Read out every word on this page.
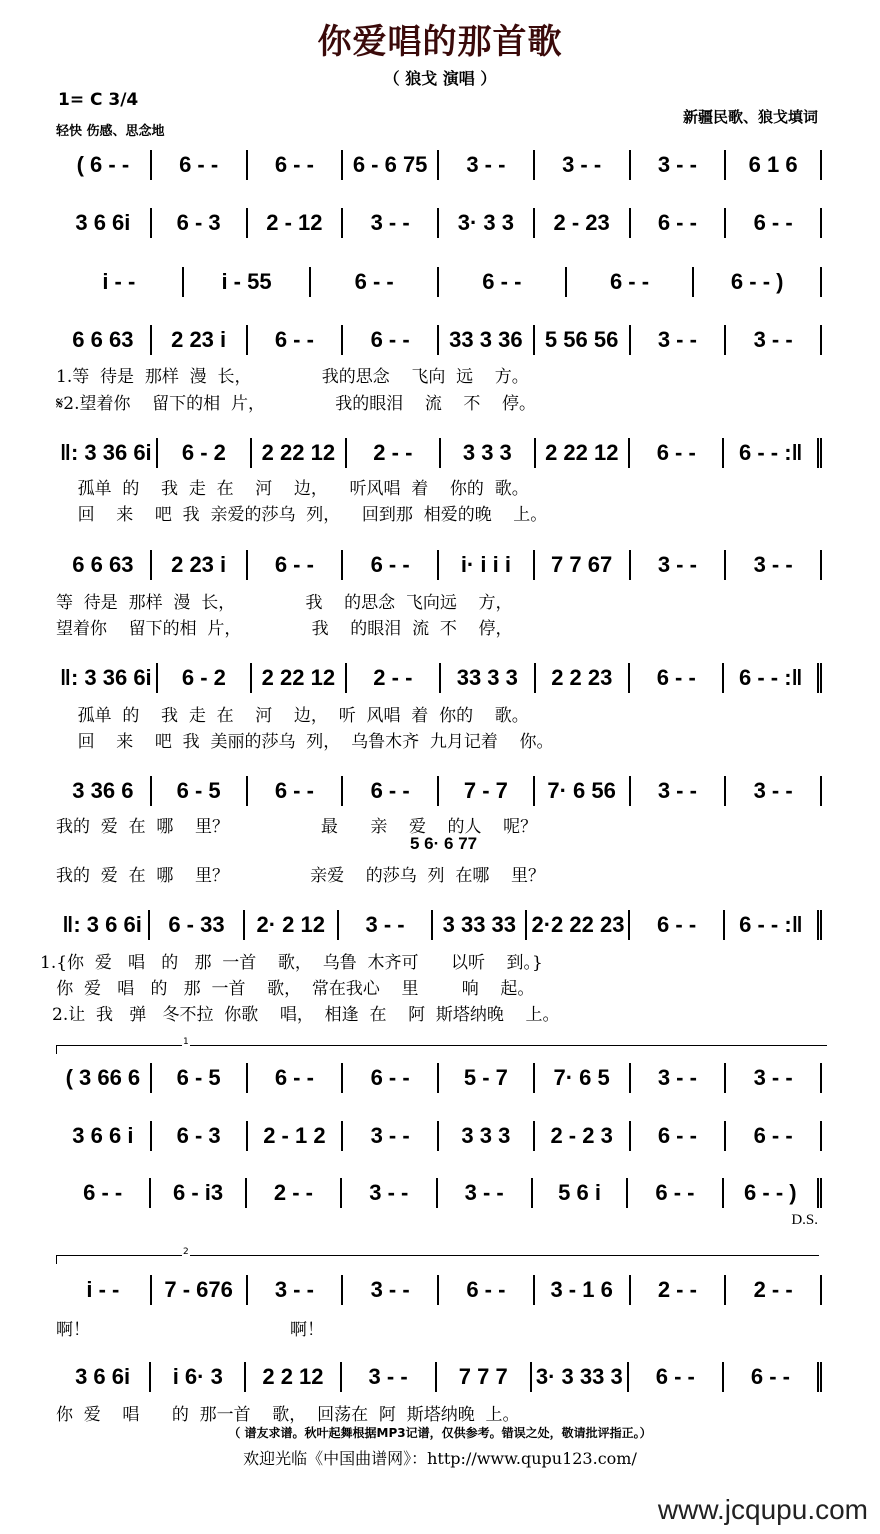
你爱唱的那首歌
（ 狼戈 演唱 ）
1= C 3/4
轻快 伤感、思念地
新疆民歌、狼戈填词
( 6 - -	6 - -	6 - -	6 - 6 75	3 - -	3 - -	3 - -	6 1 6
3 6 6i	6 - 3	2 - 12	3 - -	3· 3 3	2 - 23	6 - -	6 - -
i - -	i - 55	6 - -	6 - -	6 - -	6 - - )
6 6 63	2 23 i	6 - -	6 - -	33 3 36	5 56 56	3 - -	3 - -
‖: 3 36 6i	6 - 2	2 22 12	2 - -	3 3 3	2 22 12	6 - -	6 - - :‖
6 6 63	2 23 i	6 - -	6 - -	i· i i i	7 7 67	3 - -	3 - -
‖: 3 36 6i	6 - 2	2 22 12	2 - -	33 3 3	2 2 23	6 - -	6 - - :‖
3 36 6	6 - 5	6 - -	6 - -	7 - 7	7· 6 56	3 - -	3 - -
‖: 3 6 6i	6 - 33	2· 2 12	3 - -	3 33 33 2·2 22 23	6 - -	6 - - :‖
( 3 66 6	6 - 5	6 - -	6 - -	5 - 7	7· 6 5	3 - -	3 - -
3 6 6 i	6 - 3	2 - 1 2	3 - -	3 3 3	2 - 2 3	6 - -	6 - -
6 - -	6 - i3	2 - -	3 - -	3 - -	5 6 i	6 - -	6 - - )
i - -	7 - 676	3 - -	3 - -	6 - -	3 - 1 6	2 - -	2 - -
3 6 6i	i 6· 3	2 2 12	3 - -	7 7 7	3· 3 33 3	6 - -	6 - -
1.等  待是  那样  漫  长，             我的思念    飞向  远    方。
𝄋2.望着你    留下的相  片，             我的眼泪    流    不    停。
孤单  的    我  走  在    河    边，    听风唱  着    你的  歌。
回    来    吧  我  亲爱的莎乌  列，    回到那  相爱的晚    上。
等  待是  那样  漫  长，             我    的思念  飞向远    方，
望着你    留下的相  片，             我    的眼泪  流  不    停，
孤单  的    我  走  在    河    边，  听  风唱  着  你的    歌。
回    来    吧  我  美丽的莎乌  列，  乌鲁木齐  九月记着    你。
我的  爱  在  哪    里？                 最      亲    爱    的人    呢？
5 6· 6 77
我的  爱  在  哪    里？               亲爱    的莎乌  列  在哪    里？
1.{你  爱   唱   的   那  一首    歌，  乌鲁  木齐可      以听    到。}
你  爱   唱   的   那  一首    歌，  常在我心    里        响    起。
2.让  我   弹   冬不拉  你歌    唱，  相逢  在    阿  斯塔纳晚    上。
1
D.S.
2
啊！                                     啊！
你  爱    唱      的  那一首    歌，  回荡在  阿  斯塔纳晚  上。
（ 谱友求谱。秋叶起舞根据MP3记谱，仅供参考。错误之处，敬请批评指正。）
欢迎光临《中国曲谱网》：http://www.qupu123.com/
www.jcqupu.com
